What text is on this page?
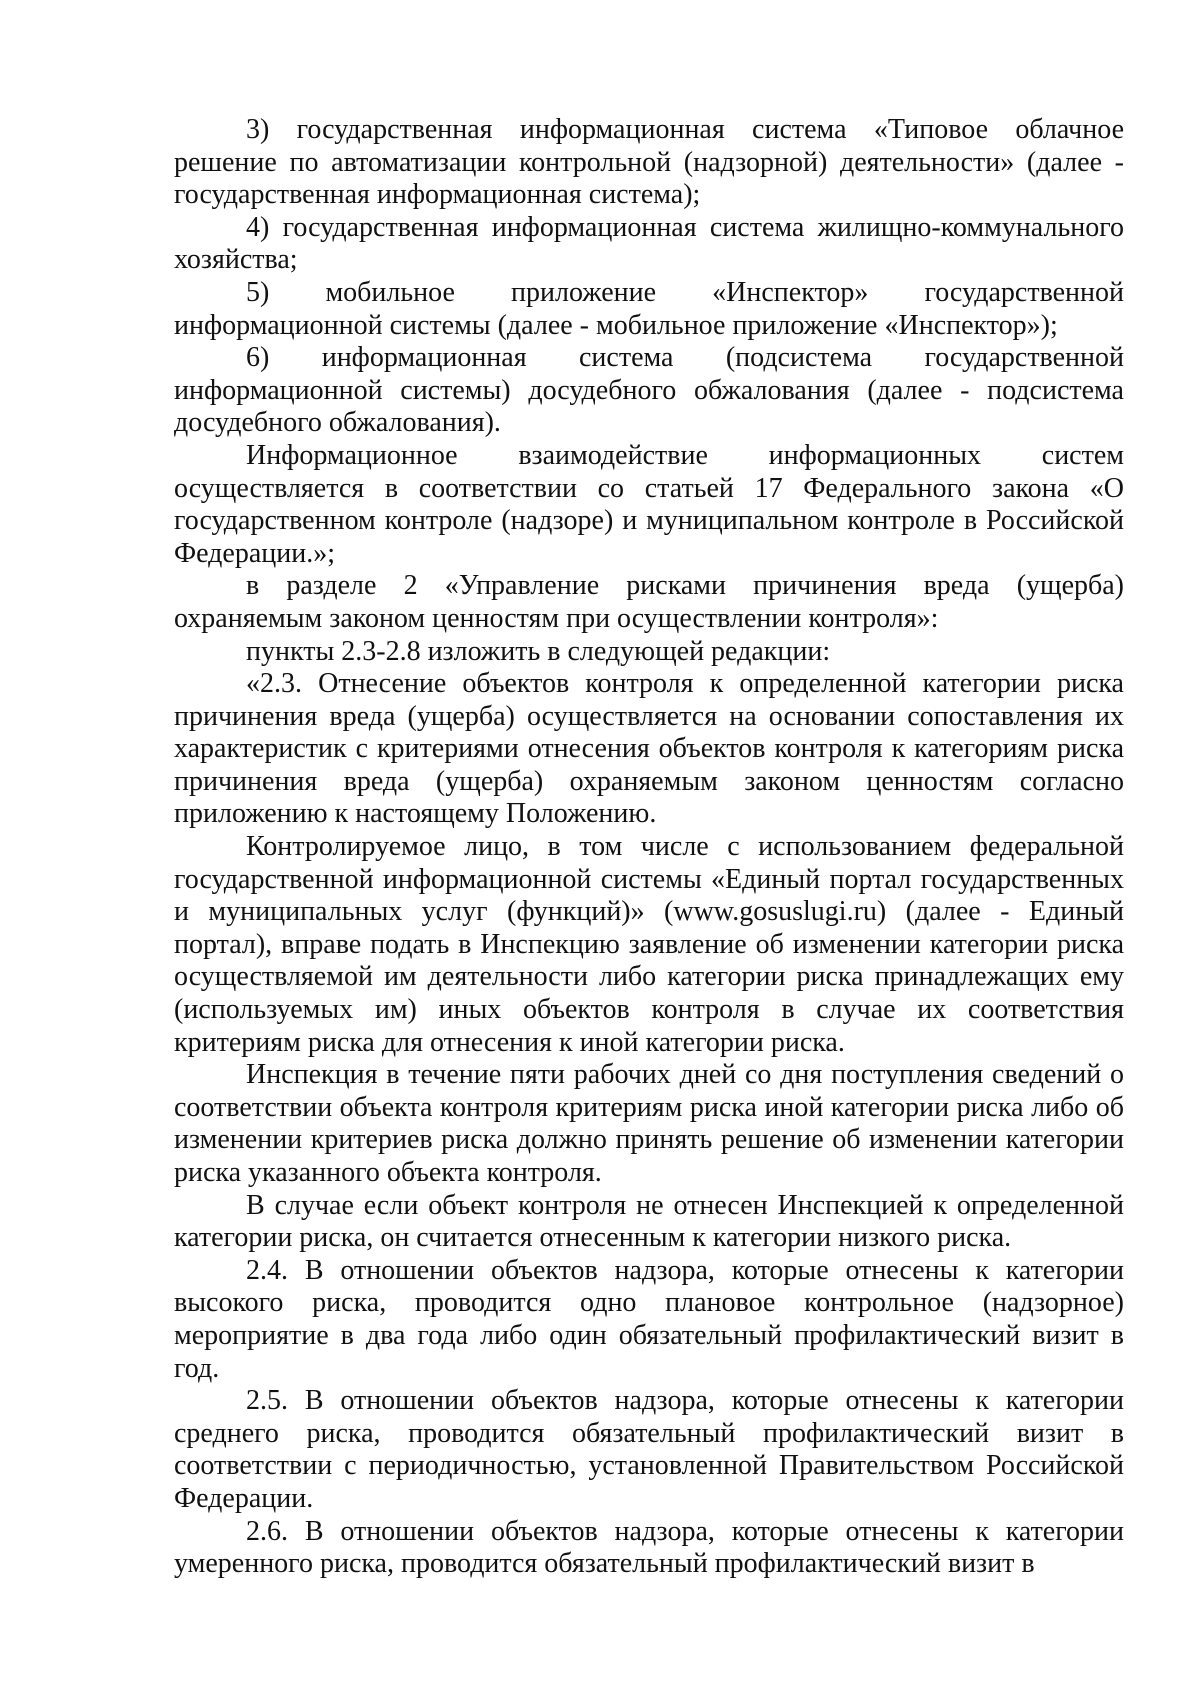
3) государственная информационная система «Типовое облачное решение по автоматизации контрольной (надзорной) деятельности» (далее - государственная информационная система);

4) государственная информационная система жилищно-коммунального хозяйства;

5) мобильное приложение «Инспектор» государственной информационной системы (далее - мобильное приложение «Инспектор»);

6) информационная система (подсистема государственной информационной системы) досудебного обжалования (далее - подсистема досудебного обжалования).

Информационное взаимодействие информационных систем осуществляется в соответствии со статьей 17 Федерального закона «О государственном контроле (надзоре) и муниципальном контроле в Российской Федерации.»;

в разделе 2 «Управление рисками причинения вреда (ущерба) охраняемым законом ценностям при осуществлении контроля»:

пункты 2.3-2.8 изложить в следующей редакции:

«2.3. Отнесение объектов контроля к определенной категории риска причинения вреда (ущерба) осуществляется на основании сопоставления их характеристик с критериями отнесения объектов контроля к категориям риска причинения вреда (ущерба) охраняемым законом ценностям согласно приложению к настоящему Положению.

Контролируемое лицо, в том числе с использованием федеральной государственной информационной системы «Единый портал государственных и муниципальных услуг (функций)» (www.gosuslugi.ru) (далее - Единый портал), вправе подать в Инспекцию заявление об изменении категории риска осуществляемой им деятельности либо категории риска принадлежащих ему (используемых им) иных объектов контроля в случае их соответствия критериям риска для отнесения к иной категории риска.

Инспекция в течение пяти рабочих дней со дня поступления сведений о соответствии объекта контроля критериям риска иной категории риска либо об изменении критериев риска должно принять решение об изменении категории риска указанного объекта контроля.

В случае если объект контроля не отнесен Инспекцией к определенной категории риска, он считается отнесенным к категории низкого риска.

2.4. В отношении объектов надзора, которые отнесены к категории высокого риска, проводится одно плановое контрольное (надзорное) мероприятие в два года либо один обязательный профилактический визит в год.

2.5. В отношении объектов надзора, которые отнесены к категории среднего риска, проводится обязательный профилактический визит в соответствии с периодичностью, установленной Правительством Российской Федерации.

2.6. В отношении объектов надзора, которые отнесены к категории умеренного риска, проводится обязательный профилактический визит в
